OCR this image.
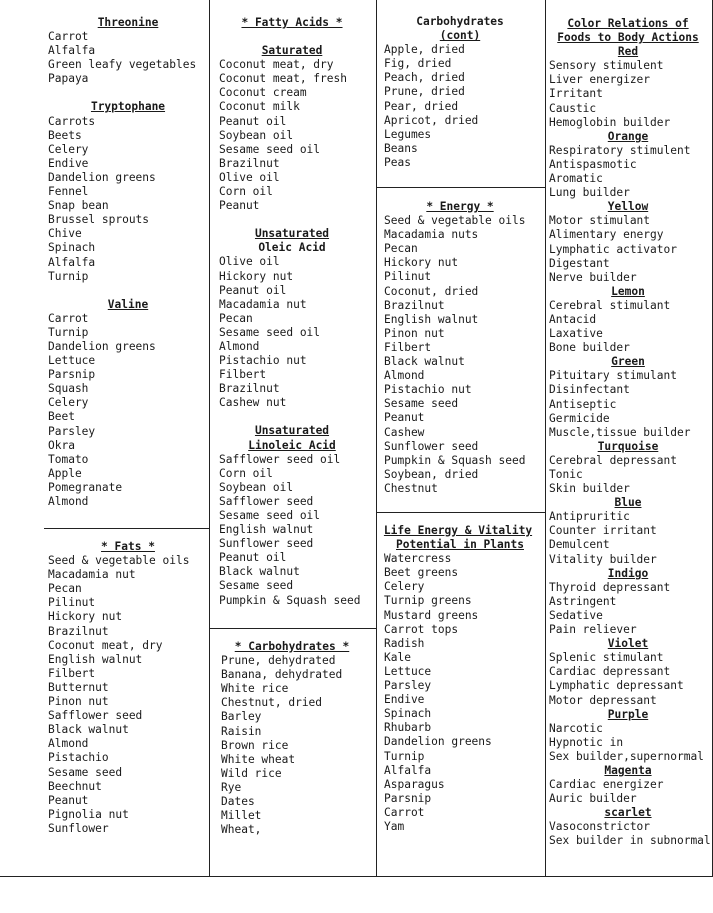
Threonine
Carrot
Alfalfa
Green leafy vegetables
Papaya
Tryptophane
Carrots
Beets
Celery
Endive
Dandelion greens
Fennel
Snap bean
Brussel sprouts
Chive
Spinach
Alfalfa
Turnip
Valine
Carrot
Turnip
Dandelion greens
Lettuce
Parsnip
Squash
Celery
Beet
Parsley
Okra
Tomato
Apple
Pomegranate
Almond
* Fats *
Seed & vegetable oils
Macadamia nut
Pecan
Pilinut
Hickory nut
Brazilnut
Coconut meat, dry
English walnut
Filbert
Butternut
Pinon nut
Safflower seed
Black walnut
Almond
Pistachio
Sesame seed
Beechnut
Peanut
Pignolia nut
Sunflower
* Fatty Acids *
Saturated
Coconut meat, dry
Coconut meat, fresh
Coconut cream
Coconut milk
Peanut oil
Soybean oil
Sesame seed oil
Brazilnut
Olive oil
Corn oil
Peanut
Unsaturated
Oleic Acid
Olive oil
Hickory nut
Peanut oil
Macadamia nut
Pecan
Sesame seed oil
Almond
Pistachio nut
Filbert
Brazilnut
Cashew nut
Unsaturated
Linoleic Acid
Safflower seed oil
Corn oil
Soybean oil
Safflower seed
Sesame seed oil
English walnut
Sunflower seed
Peanut oil
Black walnut
Sesame seed
Pumpkin & Squash seed
* Carbohydrates *
Prune, dehydrated
Banana, dehydrated
White rice
Chestnut, dried
Barley
Raisin
Brown rice
White wheat
Wild rice
Rye
Dates
Millet
Wheat,
Carbohydrates
(cont)
Apple, dried
Fig, dried
Peach, dried
Prune, dried
Pear, dried
Apricot, dried
Legumes
Beans
Peas
* Energy *
Seed & vegetable oils
Macadamia nuts
Pecan
Hickory nut
Pilinut
Coconut, dried
Brazilnut
English walnut
Pinon nut
Filbert
Black walnut
Almond
Pistachio nut
Sesame seed
Peanut
Cashew
Sunflower seed
Pumpkin & Squash seed
Soybean, dried
Chestnut
Life Energy & Vitality
Potential in Plants
Watercress
Beet greens
Celery
Turnip greens
Mustard greens
Carrot tops
Radish
Kale
Lettuce
Parsley
Endive
Spinach
Rhubarb
Dandelion greens
Turnip
Alfalfa
Asparagus
Parsnip
Carrot
Yam
Color Relations of
Foods to Body Actions
Red
Sensory stimulent
Liver energizer
Irritant
Caustic
Hemoglobin builder
Orange
Respiratory stimulent
Antispasmotic
Aromatic
Lung builder
Yellow
Motor stimulant
Alimentary energy
Lymphatic activator
Digestant
Nerve builder
Lemon
Cerebral stimulant
Antacid
Laxative
Bone builder
Green
Pituitary stimulant
Disinfectant
Antiseptic
Germicide
Muscle,tissue builder
Turquoise
Cerebral depressant
Tonic
Skin builder
Blue
Antipruritic
Counter irritant
Demulcent
Vitality builder
Indigo
Thyroid depressant
Astringent
Sedative
Pain reliever
Violet
Splenic stimulant
Cardiac depressant
Lymphatic depressant
Motor depressant
Purple
Narcotic
Hypnotic in
Sex builder,supernormal
Magenta
Cardiac energizer
Auric builder
scarlet
Vasoconstrictor
Sex builder in subnormal
